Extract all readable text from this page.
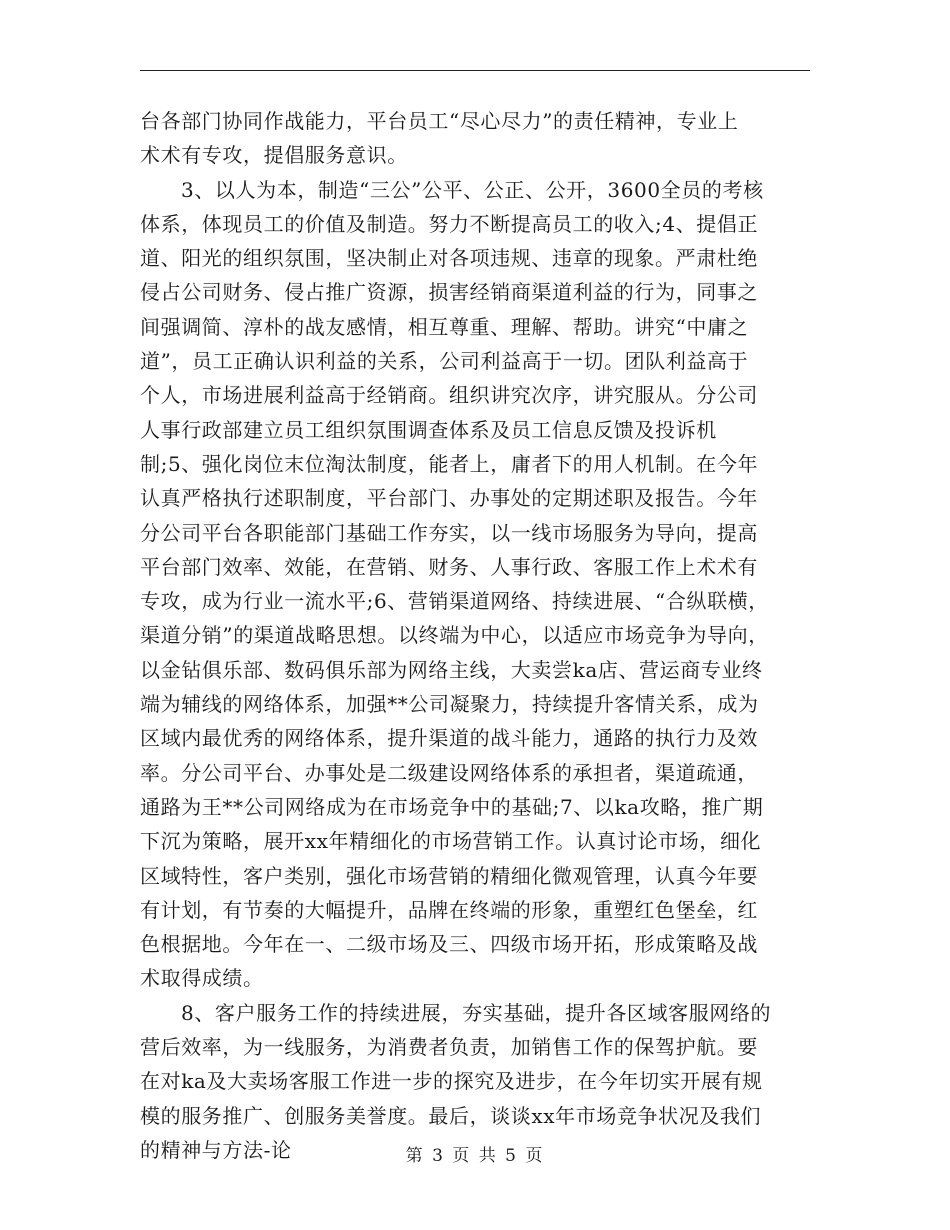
台各部门协同作战能力，平台员工“尽心尽力”的责任精神，专业上
术术有专攻，提倡服务意识。
3、以人为本，制造“三公”公平、公正、公开，3600全员的考核
体系，体现员工的价值及制造。努力不断提高员工的收入;4、提倡正
道、阳光的组织氛围，坚决制止对各项违规、违章的现象。严肃杜绝
侵占公司财务、侵占推广资源，损害经销商渠道利益的行为，同事之
间强调简、淳朴的战友感情，相互尊重、理解、帮助。讲究“中庸之
道”，员工正确认识利益的关系，公司利益高于一切。团队利益高于
个人，市场进展利益高于经销商。组织讲究次序，讲究服从。分公司
人事行政部建立员工组织氛围调查体系及员工信息反馈及投诉机
制;5、强化岗位末位淘汰制度，能者上，庸者下的用人机制。在今年
认真严格执行述职制度，平台部门、办事处的定期述职及报告。今年
分公司平台各职能部门基础工作夯实，以一线市场服务为导向，提高
平台部门效率、效能，在营销、财务、人事行政、客服工作上术术有
专攻，成为行业一流水平;6、营销渠道网络、持续进展、“合纵联横，
渠道分销”的渠道战略思想。以终端为中心，以适应市场竞争为导向，
以金钻俱乐部、数码俱乐部为网络主线，大卖尝ka店、营运商专业终
端为辅线的网络体系，加强**公司凝聚力，持续提升客情关系，成为
区域内最优秀的网络体系，提升渠道的战斗能力，通路的执行力及效
率。分公司平台、办事处是二级建设网络体系的承担者，渠道疏通，
通路为王**公司网络成为在市场竞争中的基础;7、以ka攻略，推广期
下沉为策略，展开xx年精细化的市场营销工作。认真讨论市场，细化
区域特性，客户类别，强化市场营销的精细化微观管理，认真今年要
有计划，有节奏的大幅提升，品牌在终端的形象，重塑红色堡垒，红
色根据地。今年在一、二级市场及三、四级市场开拓，形成策略及战
术取得成绩。
8、客户服务工作的持续进展，夯实基础，提升各区域客服网络的
营后效率，为一线服务，为消费者负责，加销售工作的保驾护航。要
在对ka及大卖场客服工作进一步的探究及进步，在今年切实开展有规
模的服务推广、创服务美誉度。最后，谈谈xx年市场竞争状况及我们
的精神与方法-论	第 3 页 共 5 页
